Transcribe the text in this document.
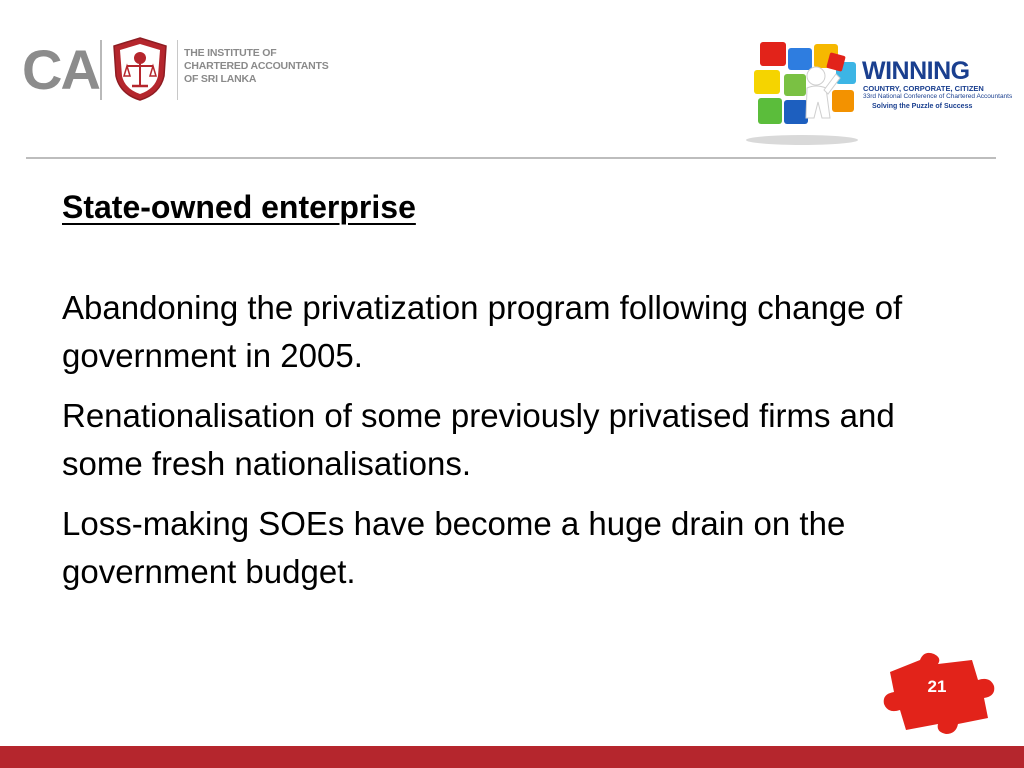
CA	THE INSTITUTE OF
CHARTERED ACCOUNTANTS
OF SRI LANKA	WINNING
COUNTRY, CORPORATE, CITIZEN
33rd National Conference of Chartered Accountants
Solving the Puzzle of Success
State-owned enterprise

Abandoning the privatization program following change of government in 2005.

Renationalisation of some previously privatised firms and some fresh nationalisations.

Loss-making SOEs have become a huge drain on the government budget.

21
